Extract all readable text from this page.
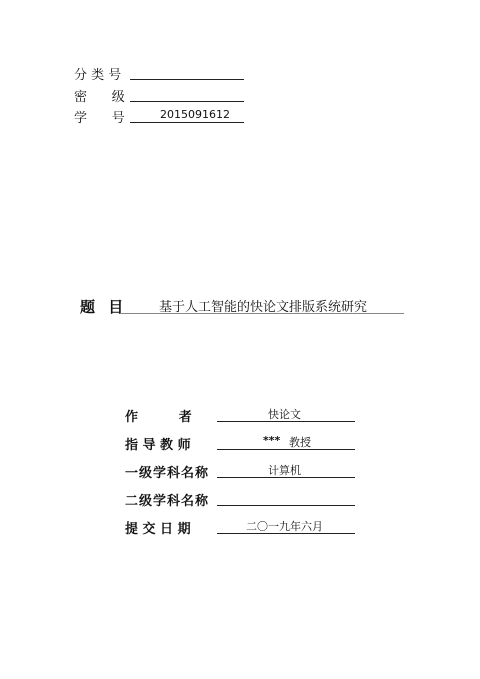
分 类 号
密      级
学      号	2015091612
题 目 基于人工智能的快论文排版系统研究
作         者	快论文
指 导 教 师	*** 教授
一级学科名称	计算机
二级学科名称
提 交 日 期	二〇一九年六月
